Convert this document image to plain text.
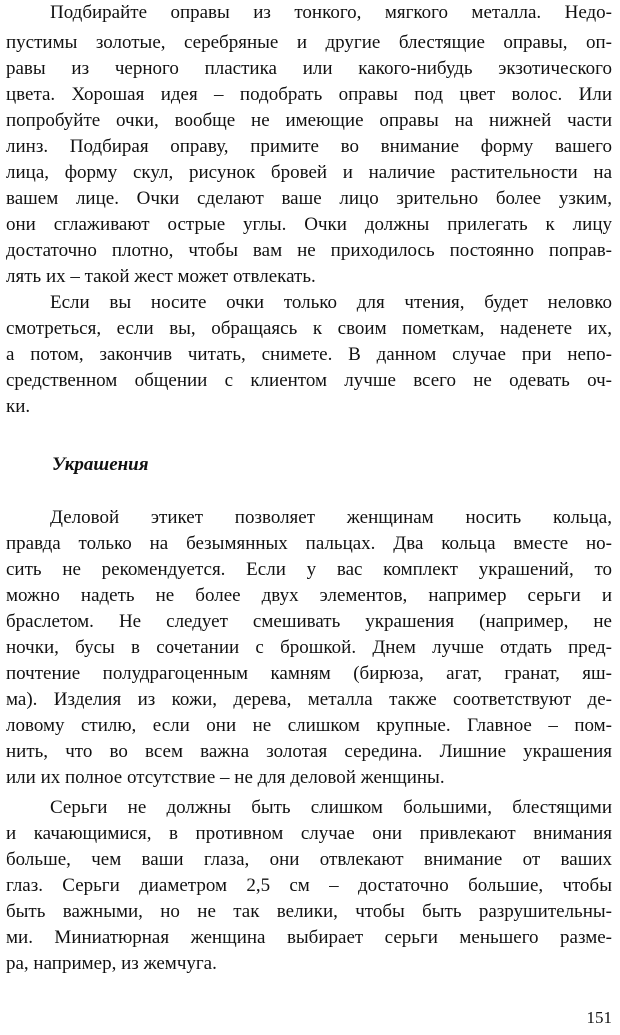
Подбирайте оправы из тонкого, мягкого металла. Недо-
пустимы золотые, серебряные и другие блестящие оправы, оп-
равы из черного пластика или какого-нибудь экзотического
цвета. Хорошая идея – подобрать оправы под цвет волос. Или
попробуйте очки, вообще не имеющие оправы на нижней части
линз. Подбирая оправу, примите во внимание форму вашего
лица, форму скул, рисунок бровей и наличие растительности на
вашем лице. Очки сделают ваше лицо зрительно более узким,
они сглаживают острые углы. Очки должны прилегать к лицу
достаточно плотно, чтобы вам не приходилось постоянно поправ-
лять их – такой жест может отвлекать.
Если вы носите очки только для чтения, будет неловко
смотреться, если вы, обращаясь к своим пометкам, наденете их,
а потом, закончив читать, снимете. В данном случае при непо-
средственном общении с клиентом лучше всего не одевать оч-
ки.
Украшения
Деловой этикет позволяет женщинам носить кольца,
правда только на безымянных пальцах. Два кольца вместе но-
сить не рекомендуется. Если у вас комплект украшений, то
можно надеть не более двух элементов, например серьги и
браслетом. Не следует смешивать украшения (например, не
ночки, бусы в сочетании с брошкой. Днем лучше отдать пред-
почтение полудрагоценным камням (бирюза, агат, гранат, яш-
ма). Изделия из кожи, дерева, металла также соответствуют де-
ловому стилю, если они не слишком крупные. Главное – пом-
нить, что во всем важна золотая середина. Лишние украшения
или их полное отсутствие – не для деловой женщины.
Серьги не должны быть слишком большими, блестящими
и качающимися, в противном случае они привлекают внимания
больше, чем ваши глаза, они отвлекают внимание от ваших
глаз. Серьги диаметром 2,5 см – достаточно большие, чтобы
быть важными, но не так велики, чтобы быть разрушительны-
ми. Миниатюрная женщина выбирает серьги меньшего разме-
ра, например, из жемчуга.
151
